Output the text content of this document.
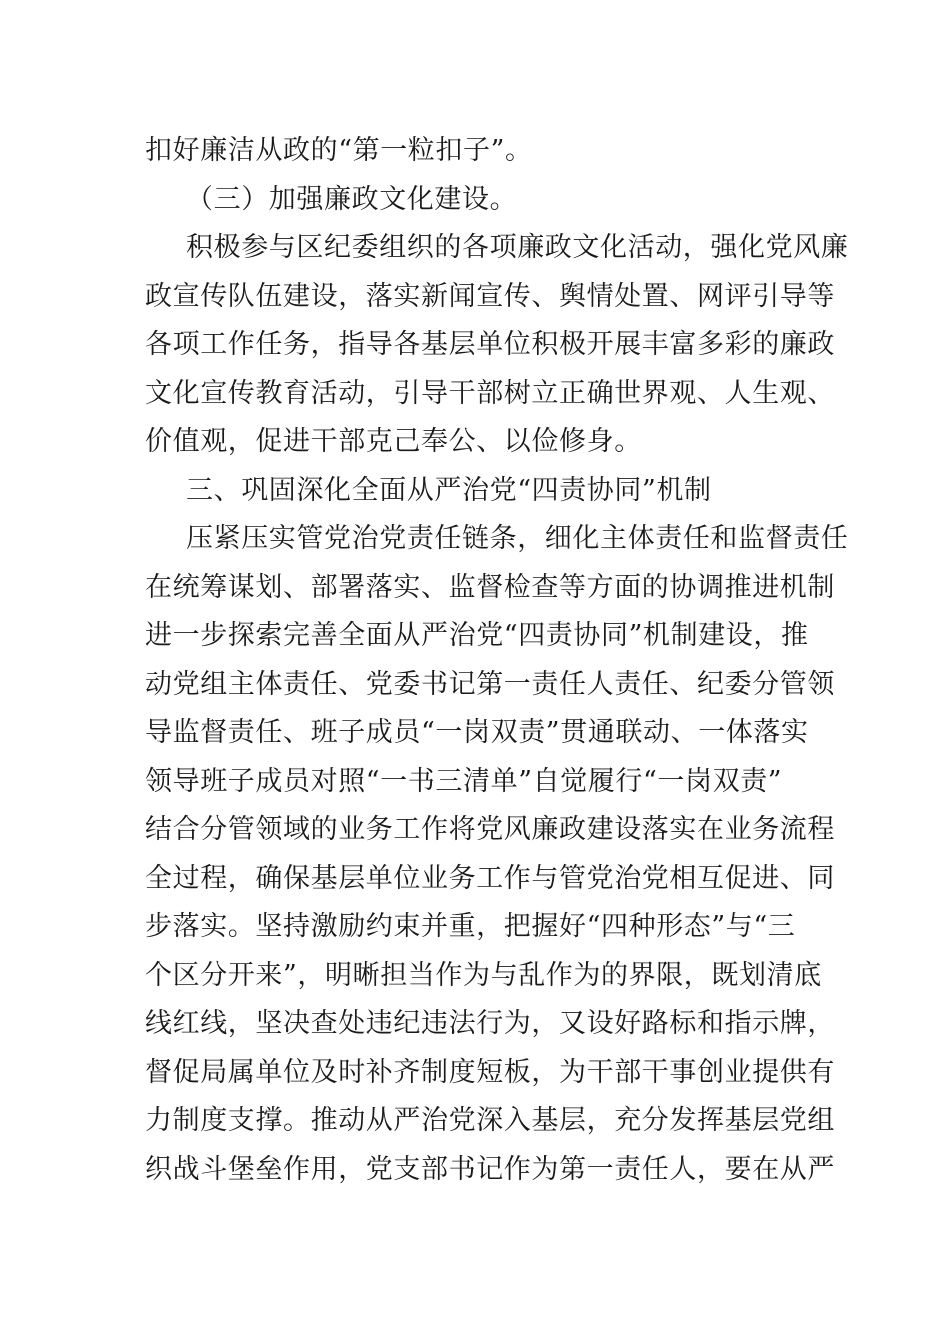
扣好廉洁从政的“第一粒扣子”。
（三）加强廉政文化建设。
积极参与区纪委组织的各项廉政文化活动，强化党风廉
政宣传队伍建设，落实新闻宣传、舆情处置、网评引导等
各项工作任务，指导各基层单位积极开展丰富多彩的廉政
文化宣传教育活动，引导干部树立正确世界观、人生观、
价值观，促进干部克己奉公、以俭修身。
三、巩固深化全面从严治党“四责协同”机制
压紧压实管党治党责任链条，细化主体责任和监督责任
在统筹谋划、部署落实、监督检查等方面的协调推进机制
进一步探索完善全面从严治党“四责协同”机制建设，推
动党组主体责任、党委书记第一责任人责任、纪委分管领
导监督责任、班子成员“一岗双责”贯通联动、一体落实
领导班子成员对照“一书三清单”自觉履行“一岗双责”
结合分管领域的业务工作将党风廉政建设落实在业务流程
全过程，确保基层单位业务工作与管党治党相互促进、同
步落实。坚持激励约束并重，把握好“四种形态”与“三
个区分开来”，明晰担当作为与乱作为的界限，既划清底
线红线，坚决查处违纪违法行为，又设好路标和指示牌，
督促局属单位及时补齐制度短板，为干部干事创业提供有
力制度支撑。推动从严治党深入基层，充分发挥基层党组
织战斗堡垒作用，党支部书记作为第一责任人，要在从严
